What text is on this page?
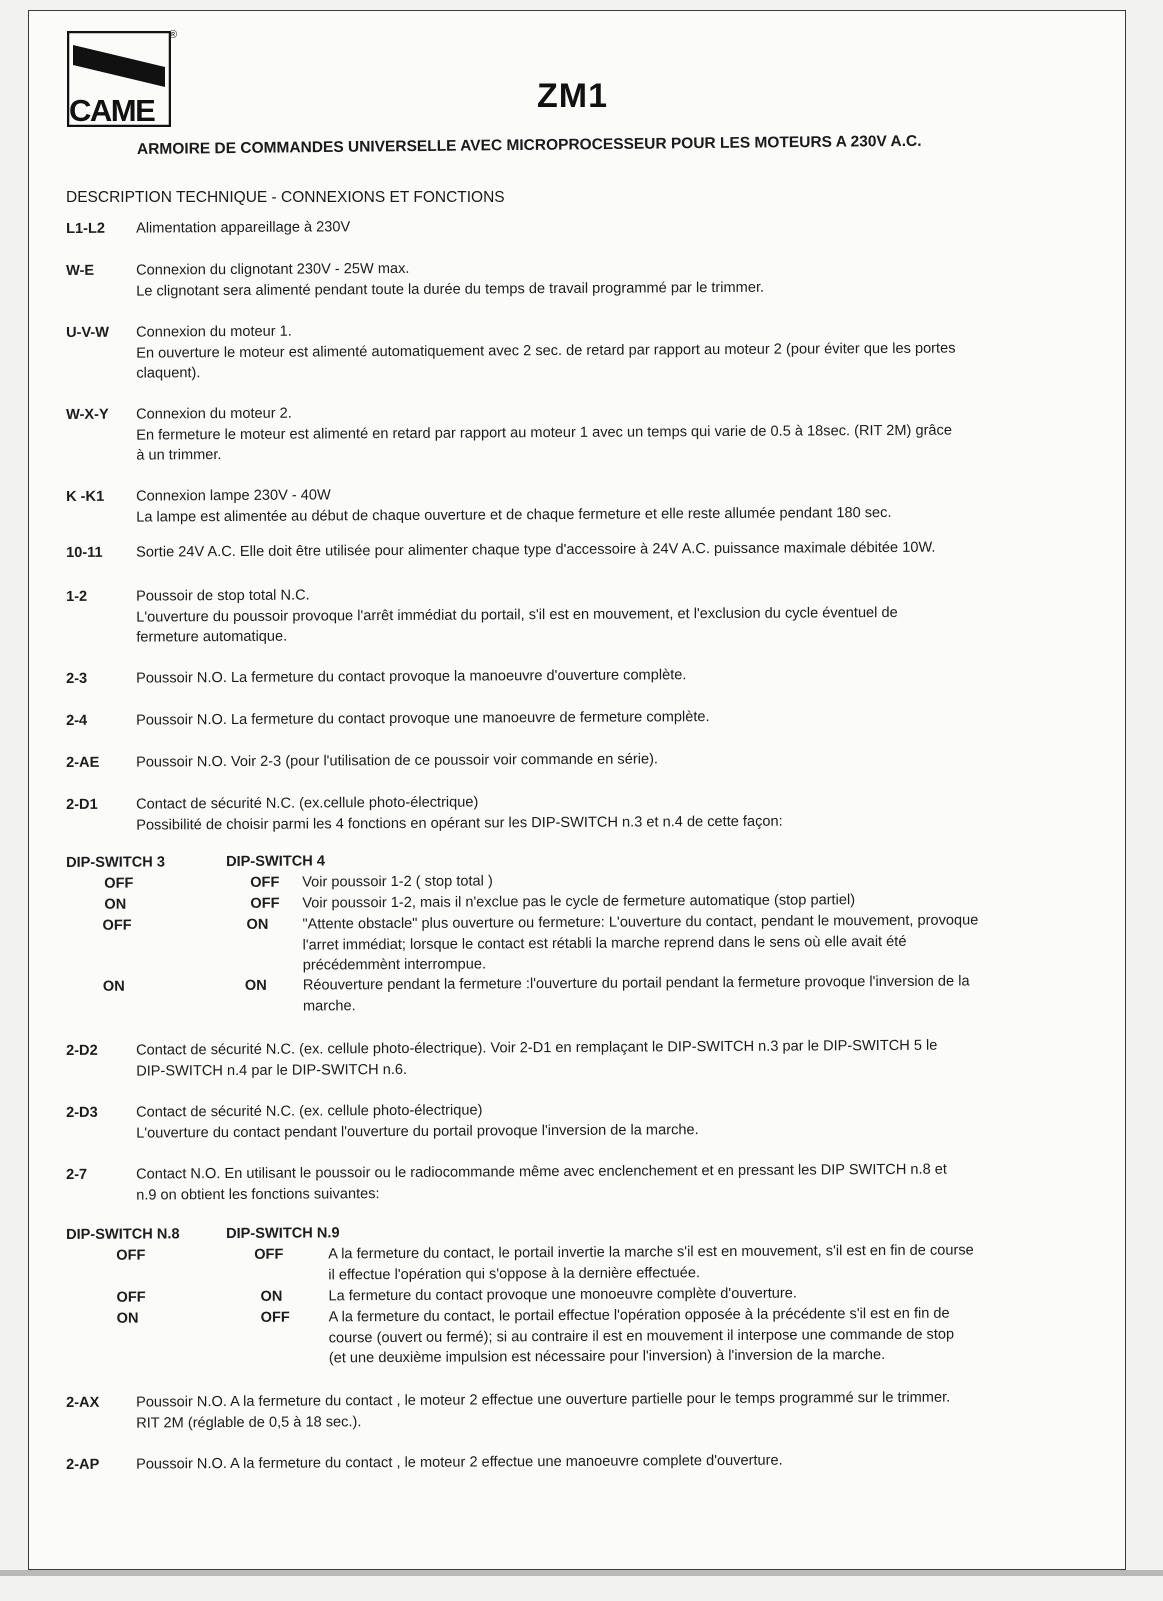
CAME
®
ZM1
ARMOIRE DE COMMANDES UNIVERSELLE AVEC MICROPROCESSEUR POUR LES MOTEURS A 230V A.C.
DESCRIPTION TECHNIQUE - CONNEXIONS ET FONCTIONS
L1-L2	Alimentation appareillage à 230V
W-E	Connexion du clignotant 230V - 25W max.
Le clignotant sera alimenté pendant toute la durée du temps de travail programmé par le trimmer.
U-V-W	Connexion du moteur 1.
En ouverture le moteur est alimenté automatiquement avec 2 sec. de retard par rapport au moteur 2 (pour éviter que les portes
claquent).
W-X-Y	Connexion du moteur 2.
En fermeture le moteur est alimenté en retard par rapport au moteur 1 avec un temps qui varie de 0.5 à 18sec. (RIT 2M) grâce
à un trimmer.
K -K1	Connexion lampe 230V - 40W
La lampe est alimentée au début de chaque ouverture et de chaque fermeture et elle reste allumée pendant 180 sec.
10-11	Sortie 24V A.C. Elle doit être utilisée pour alimenter chaque type d'accessoire à 24V A.C. puissance maximale débitée 10W.
1-2	Poussoir de stop total N.C.
L'ouverture du poussoir provoque l'arrêt immédiat du portail, s'il est en mouvement, et l'exclusion du cycle éventuel de
fermeture automatique.
2-3	Poussoir N.O. La fermeture du contact provoque la manoeuvre d'ouverture complète.
2-4	Poussoir N.O. La fermeture du contact provoque une manoeuvre de fermeture complète.
2-AE	Poussoir N.O. Voir 2-3 (pour l'utilisation de ce poussoir voir commande en série).
2-D1	Contact de sécurité N.C. (ex.cellule photo-électrique)
Possibilité de choisir parmi les 4 fonctions en opérant sur les DIP-SWITCH n.3 et n.4 de cette façon:
DIP-SWITCH 3	DIP-SWITCH 4
OFF	OFF Voir poussoir 1-2 ( stop total )
ON	OFF Voir poussoir 1-2, mais il n'exclue pas le cycle de fermeture automatique (stop partiel)
OFF	ON "Attente obstacle" plus ouverture ou fermeture: L'ouverture du contact, pendant le mouvement, provoque
l'arret immédiat; lorsque le contact est rétabli la marche reprend dans le sens où elle avait été
précédemmènt interrompue.
ON	ON Réouverture pendant la fermeture :l'ouverture du portail pendant la fermeture provoque l'inversion de la
marche.
2-D2	Contact de sécurité N.C. (ex. cellule photo-électrique). Voir 2-D1 en remplaçant le DIP-SWITCH n.3 par le DIP-SWITCH 5 le
DIP-SWITCH n.4 par le DIP-SWITCH n.6.
2-D3	Contact de sécurité N.C. (ex. cellule photo-électrique)
L'ouverture du contact pendant l'ouverture du portail provoque l'inversion de la marche.
2-7	Contact N.O. En utilisant le poussoir ou le radiocommande même avec enclenchement et en pressant les DIP SWITCH n.8 et
n.9 on obtient les fonctions suivantes:
DIP-SWITCH N.8	DIP-SWITCH N.9
OFF	OFF	A la fermeture du contact, le portail invertie la marche s'il est en mouvement, s'il est en fin de course
il effectue l'opération qui s'oppose à la dernière effectuée.
OFF	ON	La fermeture du contact provoque une monoeuvre complète d'ouverture.
ON	OFF	A la fermeture du contact, le portail effectue l'opération opposée à la précédente s'il est en fin de
course (ouvert ou fermé); si au contraire il est en mouvement il interpose une commande de stop
(et une deuxième impulsion est nécessaire pour l'inversion) à l'inversion de la marche.
2-AX	Poussoir N.O. A la fermeture du contact , le moteur 2 effectue une ouverture partielle pour le temps programmé sur le trimmer.
RIT 2M (réglable de 0,5 à 18 sec.).
2-AP	Poussoir N.O. A la fermeture du contact , le moteur 2 effectue une manoeuvre complete d'ouverture.
